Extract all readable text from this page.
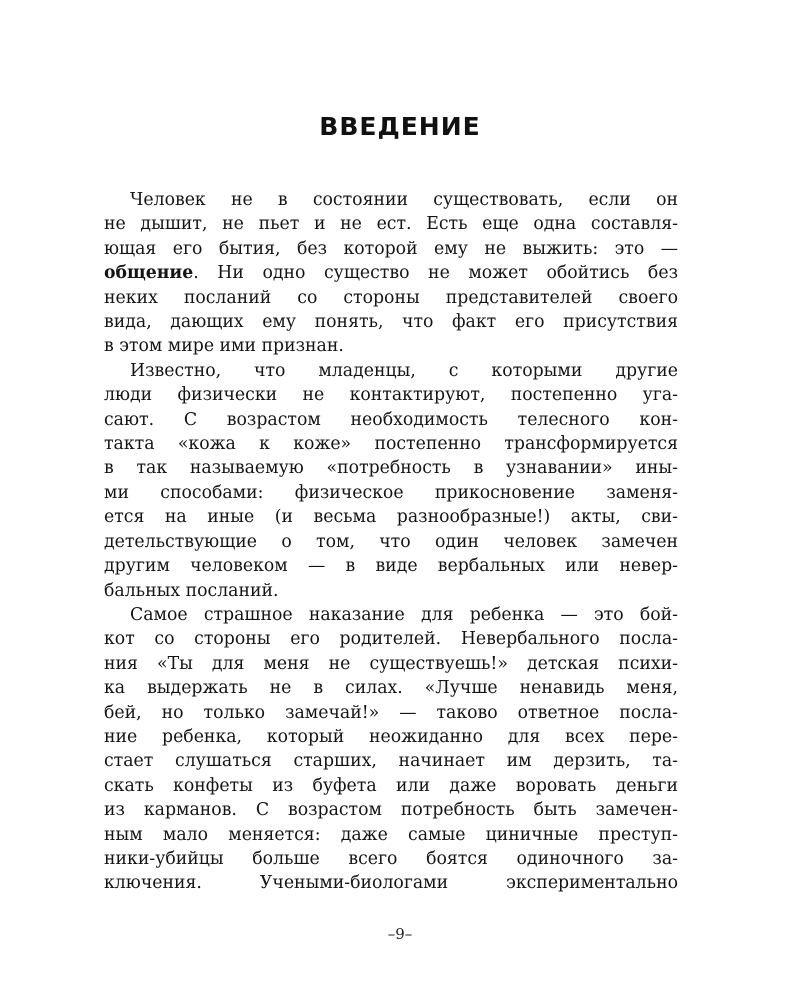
ВВЕДЕНИЕ
Человек не в состоянии существовать, если он
не дышит, не пьет и не ест. Есть еще одна составля-
ющая его бытия, без которой ему не выжить: это —
общение. Ни одно существо не может обойтись без
неких посланий со стороны представителей своего
вида, дающих ему понять, что факт его присутствия
в этом мире ими признан.
Известно, что младенцы, с которыми другие
люди физически не контактируют, постепенно уга-
сают. С возрастом необходимость телесного кон-
такта «кожа к коже» постепенно трансформируется
в так называемую «потребность в узнавании» ины-
ми способами: физическое прикосновение заменя-
ется на иные (и весьма разнообразные!) акты, сви-
детельствующие о том, что один человек замечен
другим человеком — в виде вербальных или невер-
бальных посланий.
Самое страшное наказание для ребенка — это бой-
кот со стороны его родителей. Невербального посла-
ния «Ты для меня не существуешь!» детская психи-
ка выдержать не в силах. «Лучше ненавидь меня,
бей, но только замечай!» — таково ответное посла-
ние ребенка, который неожиданно для всех пере-
стает слушаться старших, начинает им дерзить, та-
скать конфеты из буфета или даже воровать деньги
из карманов. С возрастом потребность быть замечен-
ным мало меняется: даже самые циничные преступ-
ники-убийцы больше всего боятся одиночного за-
ключения. Учеными-биологами экспериментально
–9–
